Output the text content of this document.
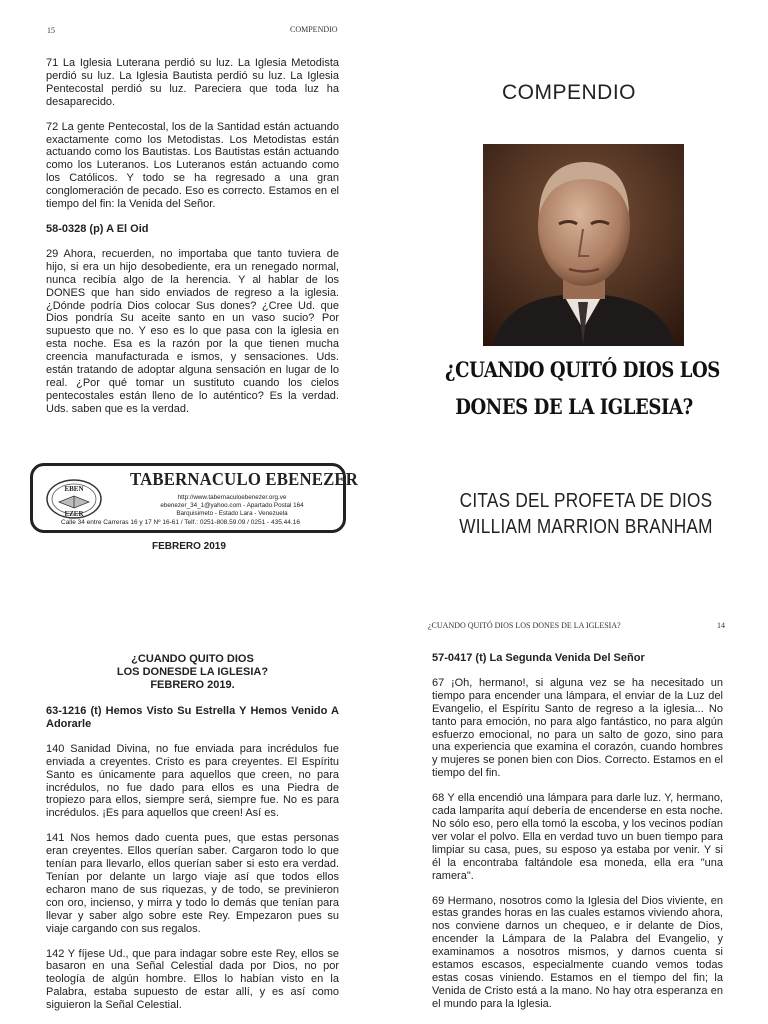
15	COMPENDIO

71 La Iglesia Luterana perdió su luz. La Iglesia Metodista perdió su luz. La Iglesia Bautista perdió su luz. La Iglesia Pentecostal perdió su luz. Pareciera que toda luz ha desaparecido.

72 La gente Pentecostal, los de la Santidad están actuando exactamente como los Metodistas. Los Metodistas están actuando como los Bautistas. Los Bautistas están actuando como los Luteranos. Los Luteranos están actuando como los Católicos. Y todo se ha regresado a una gran conglomeración de pecado. Eso es correcto. Estamos en el tiempo del fin: la Venida del Señor.

58-0328 (p) A El Oid

29 Ahora, recuerden, no importaba que tanto tuviera de hijo, si era un hijo desobediente, era un renegado normal, nunca recibía algo de la herencia. Y al hablar de los DONES que han sido enviados de regreso a la iglesia. ¿Dónde podría Dios colocar Sus dones? ¿Cree Ud. que Dios pondría Su aceite santo en un vaso sucio? Por supuesto que no. Y eso es lo que pasa con la iglesia en esta noche. Esa es la razón por la que tienen mucha creencia manufacturada e ismos, y sensaciones. Uds. están tratando de adoptar alguna sensación en lugar de lo real. ¿Por qué tomar un sustituto cuando los cielos pentecostales están lleno de lo auténtico? Es la verdad. Uds. saben que es la verdad.

EBEN
EZER
TABERNACULO EBENEZER
http://www.tabernaculoebenezer.org.ve
ebenezer_34_1@yahoo.com - Apartado Postal 164
Barquisimeto - Estado Lara - Venezuela
Calle 34 entre Carreras 16 y 17 Nº 16-61 / Telf.: 0251-808.59.09 / 0251 - 435.44.16
FEBRERO 2019
COMPENDIO
¿CUANDO QUITÓ DIOS LOS
DONES DE LA IGLESIA?
CITAS DEL PROFETA DE DIOS
WILLIAM MARRION BRANHAM
¿CUANDO QUITO DIOS
LOS DONESDE LA IGLESIA?
FEBRERO 2019.
63-1216 (t) Hemos Visto Su Estrella Y Hemos Venido A Adorarle

140 Sanidad Divina, no fue enviada para incrédulos fue enviada a creyentes. Cristo es para creyentes. El Espíritu Santo es únicamente para aquellos que creen, no para incrédulos, no fue dado para ellos es una Piedra de tropiezo para ellos, siempre será, siempre fue. No es para incrédulos. ¡Es para aquellos que creen! Así es.

141 Nos hemos dado cuenta pues, que estas personas eran creyentes. Ellos querían saber. Cargaron todo lo que tenían para llevarlo, ellos querían saber si esto era verdad. Tenían por delante un largo viaje así que todos ellos echaron mano de sus riquezas, y de todo, se previnieron con oro, incienso, y mirra y todo lo demás que tenían para llevar y saber algo sobre este Rey. Empezaron pues su viaje cargando con sus regalos.

142 Y fíjese Ud., que para indagar sobre este Rey, ellos se basaron en una Señal Celestial dada por Dios, no por teología de algún hombre. Ellos lo habían visto en la Palabra, estaba supuesto de estar allí, y es así como siguieron la Señal Celestial.

¿CUANDO QUITÓ DIOS LOS DONES DE LA IGLESIA?	14
57-0417 (t) La Segunda Venida Del Señor

67 ¡Oh, hermano!, si alguna vez se ha necesitado un tiempo para encender una lámpara, el enviar de la Luz del Evangelio, el Espíritu Santo de regreso a la iglesia... No tanto para emoción, no para algo fantástico, no para algún esfuerzo emocional, no para un salto de gozo, sino para una experiencia que examina el corazón, cuando hombres y mujeres se ponen bien con Dios. Correcto. Estamos en el tiempo del fin.

68 Y ella encendió una lámpara para darle luz. Y, hermano, cada lamparita aquí debería de encenderse en esta noche. No sólo eso, pero ella tomó la escoba, y los vecinos podían ver volar el polvo. Ella en verdad tuvo un buen tiempo para limpiar su casa, pues, su esposo ya estaba por venir. Y si él la encontraba faltándole esa moneda, ella era "una ramera".

69 Hermano, nosotros como la Iglesia del Dios viviente, en estas grandes horas en las cuales estamos viviendo ahora, nos conviene darnos un chequeo, e ir delante de Dios, encender la Lámpara de la Palabra del Evangelio, y examinamos a nosotros mismos, y darnos cuenta si estamos escasos, especialmente cuando vemos todas estas cosas viniendo. Estamos en el tiempo del fin; la Venida de Cristo está a la mano. No hay otra esperanza en el mundo para la Iglesia.
